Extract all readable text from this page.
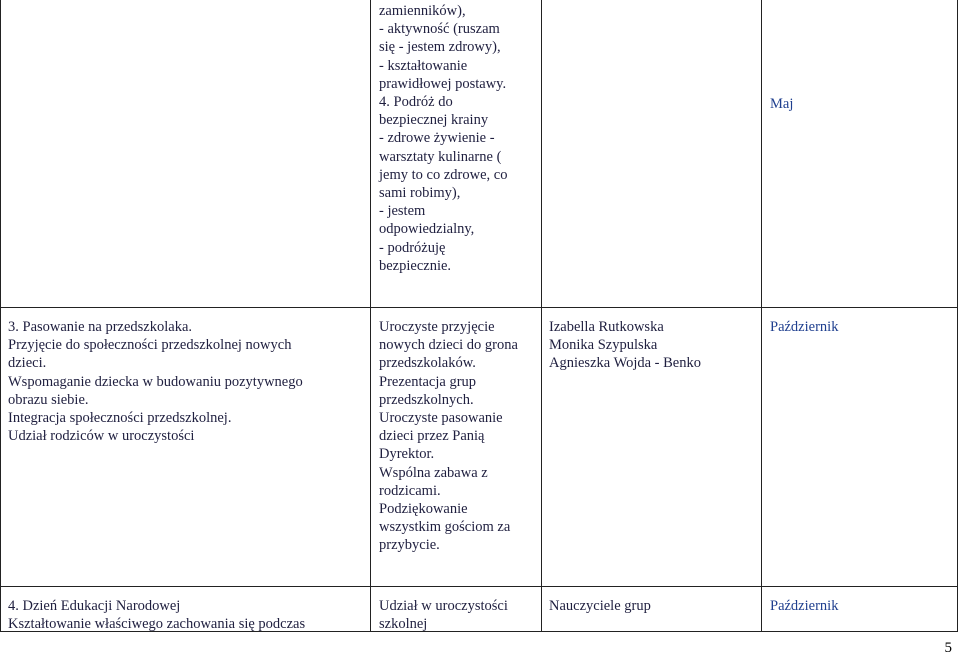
zamienników),
- aktywność (ruszam
się - jestem zdrowy),
- kształtowanie
prawidłowej postawy.
4. Podróż do
bezpiecznej krainy
- zdrowe żywienie -
warsztaty kulinarne (
jemy to co zdrowe, co
sami robimy),
- jestem
odpowiedzialny,
- podróżuję
bezpiecznie.
Maj
3. Pasowanie na przedszkolaka.
Przyjęcie do społeczności przedszkolnej nowych
dzieci.
Wspomaganie dziecka w budowaniu pozytywnego
obrazu siebie.
Integracja społeczności przedszkolnej.
Udział rodziców w uroczystości
Uroczyste przyjęcie
nowych dzieci do grona
przedszkolaków.
Prezentacja grup
przedszkolnych.
Uroczyste pasowanie
dzieci przez Panią
Dyrektor.
Wspólna zabawa z
rodzicami.
Podziękowanie
wszystkim gościom za
przybycie.
Izabella Rutkowska
Monika Szypulska
Agnieszka Wojda - Benko
Październik
4. Dzień Edukacji Narodowej
Kształtowanie właściwego zachowania się podczas
Udział w uroczystości
szkolnej
Nauczyciele grup	Październik
5
